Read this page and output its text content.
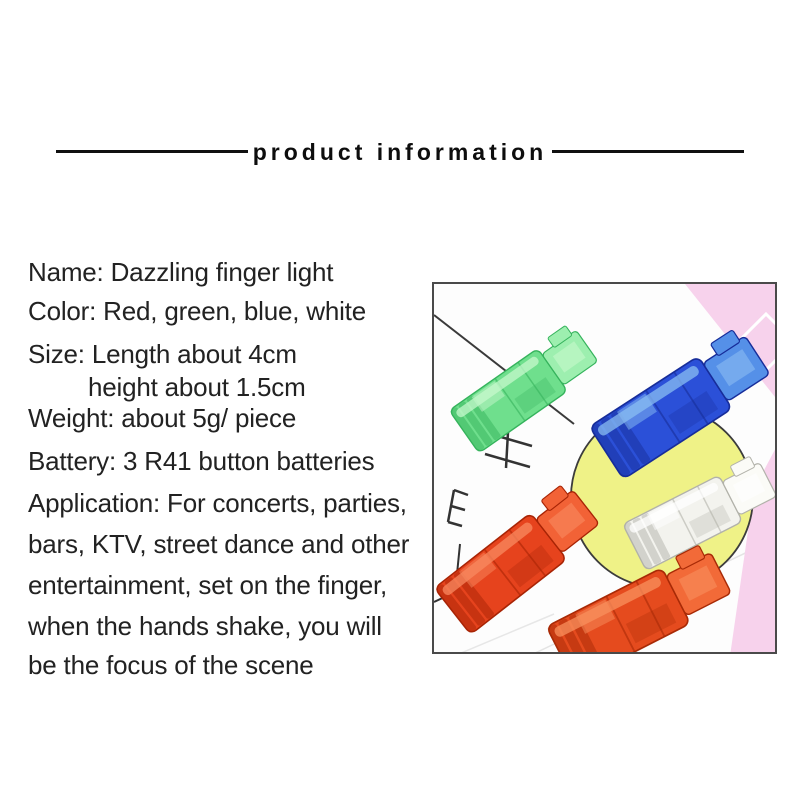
product information
Name: Dazzling finger light
Color: Red, green, blue, white
Size: Length about 4cm
height about 1.5cm
Weight: about 5g/ piece
Battery: 3 R41 button batteries
Application: For concerts, parties,
bars, KTV, street dance and other
entertainment, set on the finger,
when the hands shake, you will
be the focus of the scene
